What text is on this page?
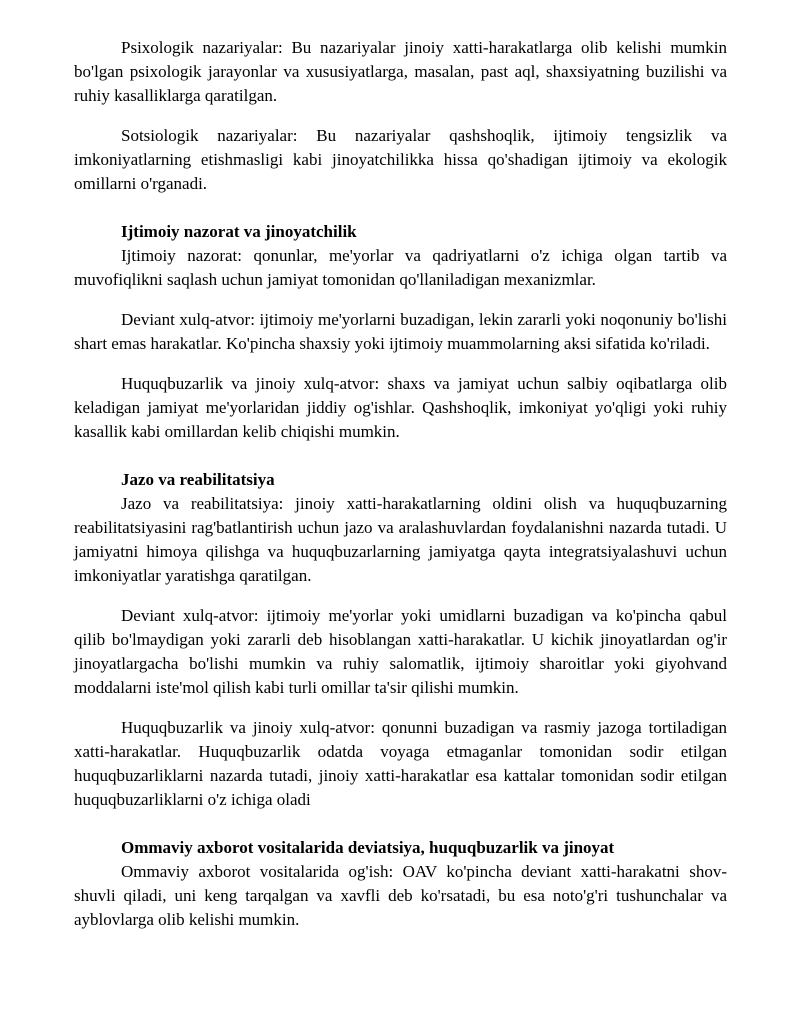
Psixologik nazariyalar: Bu nazariyalar jinoiy xatti-harakatlarga olib kelishi mumkin bo'lgan psixologik jarayonlar va xususiyatlarga, masalan, past aql, shaxsiyatning buzilishi va ruhiy kasalliklarga qaratilgan.

Sotsiologik nazariyalar: Bu nazariyalar qashshoqlik, ijtimoiy tengsizlik va imkoniyatlarning etishmasligi kabi jinoyatchilikka hissa qo'shadigan ijtimoiy va ekologik omillarni o'rganadi.

Ijtimoiy nazorat va jinoyatchilik

Ijtimoiy nazorat: qonunlar, me'yorlar va qadriyatlarni o'z ichiga olgan tartib va muvofiqlikni saqlash uchun jamiyat tomonidan qo'llaniladigan mexanizmlar.

Deviant xulq-atvor: ijtimoiy me'yorlarni buzadigan, lekin zararli yoki noqonuniy bo'lishi shart emas harakatlar. Ko'pincha shaxsiy yoki ijtimoiy muammolarning aksi sifatida ko'riladi.

Huquqbuzarlik va jinoiy xulq-atvor: shaxs va jamiyat uchun salbiy oqibatlarga olib keladigan jamiyat me'yorlaridan jiddiy og'ishlar. Qashshoqlik, imkoniyat yo'qligi yoki ruhiy kasallik kabi omillardan kelib chiqishi mumkin.

Jazo va reabilitatsiya

Jazo va reabilitatsiya: jinoiy xatti-harakatlarning oldini olish va huquqbuzarning reabilitatsiyasini rag'batlantirish uchun jazo va aralashuvlardan foydalanishni nazarda tutadi. U jamiyatni himoya qilishga va huquqbuzarlarning jamiyatga qayta integratsiyalashuvi uchun imkoniyatlar yaratishga qaratilgan.

Deviant xulq-atvor: ijtimoiy me'yorlar yoki umidlarni buzadigan va ko'pincha qabul qilib bo'lmaydigan yoki zararli deb hisoblangan xatti-harakatlar. U kichik jinoyatlardan og'ir jinoyatlargacha bo'lishi mumkin va ruhiy salomatlik, ijtimoiy sharoitlar yoki giyohvand moddalarni iste'mol qilish kabi turli omillar ta'sir qilishi mumkin.

Huquqbuzarlik va jinoiy xulq-atvor: qonunni buzadigan va rasmiy jazoga tortiladigan xatti-harakatlar. Huquqbuzarlik odatda voyaga etmaganlar tomonidan sodir etilgan huquqbuzarliklarni nazarda tutadi, jinoiy xatti-harakatlar esa kattalar tomonidan sodir etilgan huquqbuzarliklarni o'z ichiga oladi

Ommaviy axborot vositalarida deviatsiya, huquqbuzarlik va jinoyat

Ommaviy axborot vositalarida og'ish: OAV ko'pincha deviant xatti-harakatni shov-shuvli qiladi, uni keng tarqalgan va xavfli deb ko'rsatadi, bu esa noto'g'ri tushunchalar va ayblovlarga olib kelishi mumkin.
